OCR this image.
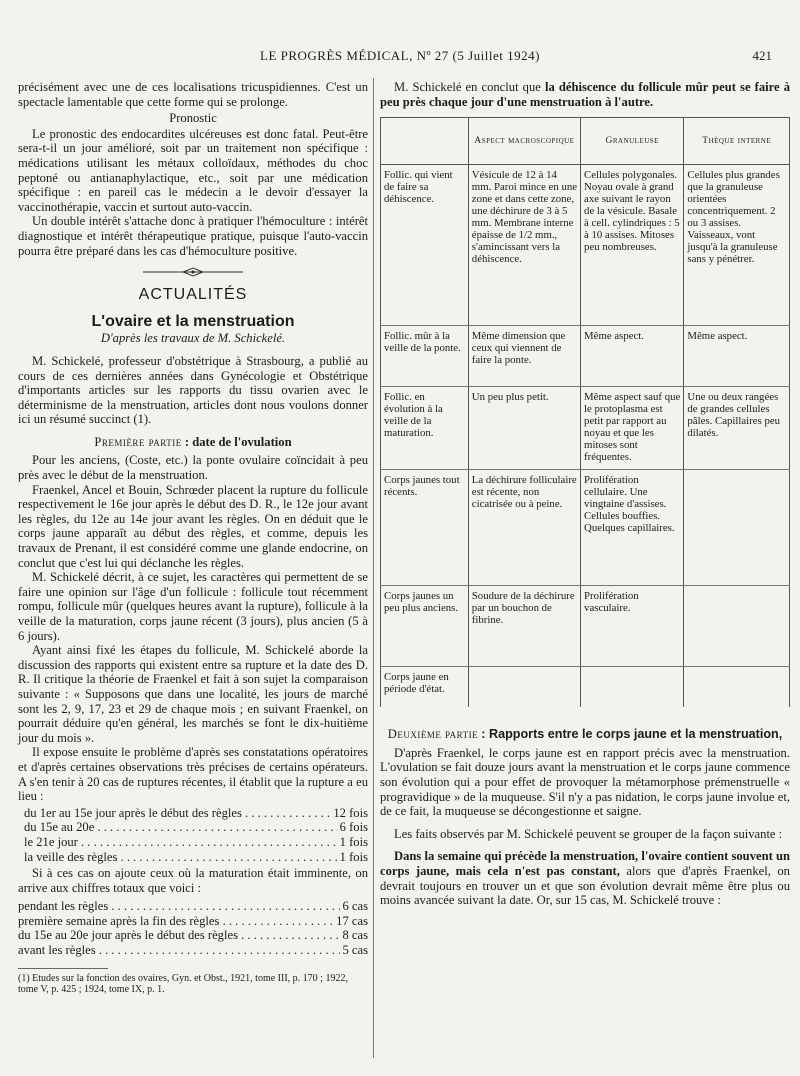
LE PROGRÈS MÉDICAL, Nº 27 (5 Juillet 1924)	421

précisément avec une de ces localisations tricuspidiennes. C'est un spectacle lamentable que cette forme qui se prolonge.

Pronostic

Le pronostic des endocardites ulcéreuses est donc fatal. Peut-être sera-t-il un jour amélioré, soit par un traitement non spécifique : médications utilisant les métaux colloïdaux, méthodes du choc peptoné ou antianaphylactique, etc., soit par une médication spécifique : en pareil cas le médecin a le devoir d'essayer la vaccinothérapie, vaccin et surtout auto-vaccin.

Un double intérêt s'attache donc à pratiquer l'hémoculture : intérêt diagnostique et intérêt thérapeutique pratique, puisque l'auto-vaccin pourra être préparé dans les cas d'hémoculture positive.

ACTUALITÉS
L'ovaire et la menstruation
D'après les travaux de M. Schickelé.

M. Schickelé, professeur d'obstétrique à Strasbourg, a publié au cours de ces dernières années dans Gynécologie et Obstétrique d'importants articles sur les rapports du tissu ovarien avec le déterminisme de la menstruation, articles dont nous voulons donner ici un résumé succinct (1).

Première partie : date de l'ovulation

Pour les anciens, (Coste, etc.) la ponte ovulaire coïncidait à peu près avec le début de la menstruation.

Fraenkel, Ancel et Bouin, Schrœder placent la rupture du follicule respectivement le 16e jour après le début des D. R., le 12e jour avant les règles, du 12e au 14e jour avant les règles. On en déduit que le corps jaune apparaît au début des règles, et comme, depuis les travaux de Prenant, il est considéré comme une glande endocrine, on conclut que c'est lui qui déclanche les règles.

M. Schickelé décrit, à ce sujet, les caractères qui permettent de se faire une opinion sur l'âge d'un follicule : follicule tout récemment rompu, follicule mûr (quelques heures avant la rupture), follicule à la veille de la maturation, corps jaune récent (3 jours), plus ancien (5 à 6 jours).

Ayant ainsi fixé les étapes du follicule, M. Schickelé aborde la discussion des rapports qui existent entre sa rupture et la date des D. R. Il critique la théorie de Fraenkel et fait à son sujet la comparaison suivante : « Supposons que dans une localité, les jours de marché sont les 2, 9, 17, 23 et 29 de chaque mois ; en suivant Fraenkel, on pourrait déduire qu'en général, les marchés se font le dix-huitième jour du mois ».

Il expose ensuite le problème d'après ses constatations opératoires et d'après certaines observations très précises de certains opérateurs. A s'en tenir à 20 cas de ruptures récentes, il établit que la rupture a eu lieu :

du 1er au 15e jour après le début des règles . . .	12 fois
du 15e au 20e . . .	6 fois
le 21e jour . . .	1 fois
la veille des règles . . .	1 fois

Si à ces cas on ajoute ceux où la maturation était imminente, on arrive aux chiffres totaux que voici :

pendant les règles . . .	6 cas
première semaine après la fin des règles . . .	17 cas
du 15e au 20e jour après le début des règles . . .	8 cas
avant les règles . . .	5 cas
(1) Etudes sur la fonction des ovaires, Gyn. et Obst., 1921, tome III, p. 170 ; 1922, tome V, p. 425 ; 1924, tome IX, p. 1.

M. Schickelé en conclut que la déhiscence du follicule mûr peut se faire à peu près chaque jour d'une menstruation à l'autre.

	Aspect macroscopique	Granuleuse	Thèque interne
Follic. qui vient de faire sa déhiscence.	Vésicule de 12 à 14 mm. Paroi mince en une zone et dans cette zone, une déchirure de 3 à 5 mm. Membrane interne épaisse de 1/2 mm., s'amincissant vers la déhiscence.	Cellules polygonales. Noyau ovale à grand axe suivant le rayon de la vésicule. Basale à cell. cylindriques : 5 à 10 assises. Mitoses peu nombreuses.	Cellules plus grandes que la granuleuse orientées concentriquement. 2 ou 3 assises. Vaisseaux, vont jusqu'à la granuleuse sans y pénétrer.
Follic. mûr à la veille de la ponte.	Même dimension que ceux qui viennent de faire la ponte.	Même aspect.	Même aspect.
Follic. en évolution à la veille de la maturation.	Un peu plus petit.	Même aspect sauf que le protoplasma est petit par rapport au noyau et que les mitoses sont fréquentes.	Une ou deux rangées de grandes cellules pâles. Capillaires peu dilatés.
Corps jaunes tout récents.	La déchirure folliculaire est récente, non cicatrisée ou à peine.	Prolifération cellulaire. Une vingtaine d'assises. Cellules bouffies. Quelques capillaires.	
Corps jaunes un peu plus anciens.	Soudure de la déchirure par un bouchon de fibrine.	Prolifération vasculaire.	
Corps jaune en période d'état.			

Deuxième partie : Rapports entre le corps jaune et la menstruation,

D'après Fraenkel, le corps jaune est en rapport précis avec la menstruation. L'ovulation se fait douze jours avant la menstruation et le corps jaune commence son évolution qui a pour effet de provoquer la métamorphose prémenstruelle « progravidique » de la muqueuse. S'il n'y a pas nidation, le corps jaune involue et, de ce fait, la muqueuse se décongestionne et saigne.

Les faits observés par M. Schickelé peuvent se grouper de la façon suivante :

Dans la semaine qui précède la menstruation, l'ovaire contient souvent un corps jaune, mais cela n'est pas constant, alors que d'après Fraenkel, on devrait toujours en trouver un et que son évolution devrait même être plus ou moins avancée suivant la date. Or, sur 15 cas, M. Schickelé trouve :
